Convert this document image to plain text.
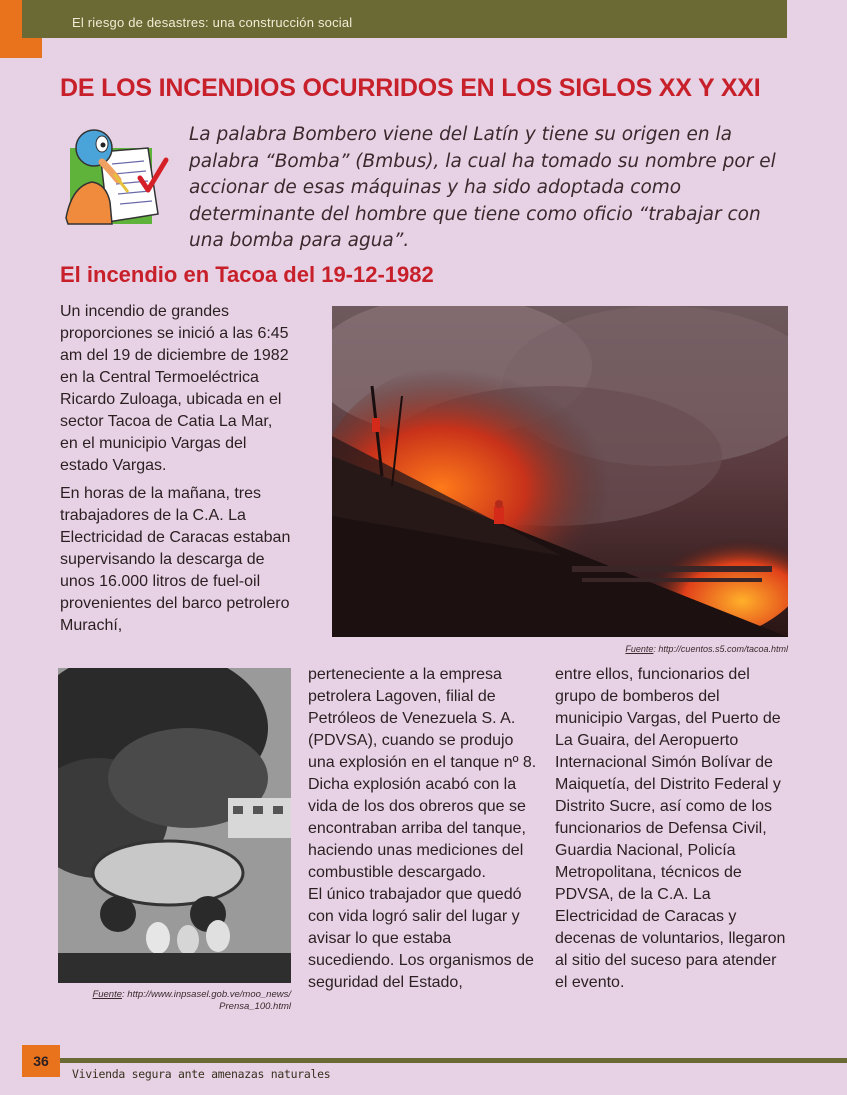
El riesgo de desastres: una construcción social
DE LOS INCENDIOS OCURRIDOS EN LOS SIGLOS XX Y XXI

La palabra Bombero viene del Latín y tiene su origen en la palabra “Bomba” (Bmbus), la cual ha tomado su nombre por el accionar de esas máquinas y ha sido adoptada como determinante del hombre que tiene como oficio “trabajar con una bomba para agua”.

El incendio en Tacoa del 19-12-1982

Un incendio de grandes proporciones se inició a las 6:45 am del 19 de diciembre de 1982 en la Central Termoeléctrica Ricardo Zuloaga, ubicada en el sector Tacoa de Catia La Mar, en el municipio Vargas del estado Vargas.

En horas de la mañana, tres trabajadores de la C.A. La Electricidad de Caracas estaban supervisando la descarga de unos 16.000 litros de fuel-oil provenientes del barco petrolero Murachí,

Fuente: http://cuentos.s5.com/tacoa.html

Fuente: http://www.inpsasel.gob.ve/moo_news/ Prensa_100.html

perteneciente a la empresa petrolera Lagoven, filial de Petróleos de Venezuela S. A. (PDVSA), cuando se produjo una explosión en el tanque nº 8. Dicha explosión acabó con la vida de los dos obreros que se encontraban arriba del tanque, haciendo unas mediciones del combustible descargado.

El único trabajador que quedó con vida logró salir del lugar y avisar lo que estaba sucediendo. Los organismos de seguridad del Estado,

entre ellos, funcionarios del grupo de bomberos del municipio Vargas, del Puerto de La Guaira, del Aeropuerto Internacional Simón Bolívar de Maiquetía, del Distrito Federal y Distrito Sucre, así como de los funcionarios de Defensa Civil, Guardia Nacional, Policía Metropolitana, técnicos de PDVSA, de la C.A. La Electricidad de Caracas y decenas de voluntarios, llegaron al sitio del suceso para atender el evento.

36
Vivienda segura ante amenazas naturales
